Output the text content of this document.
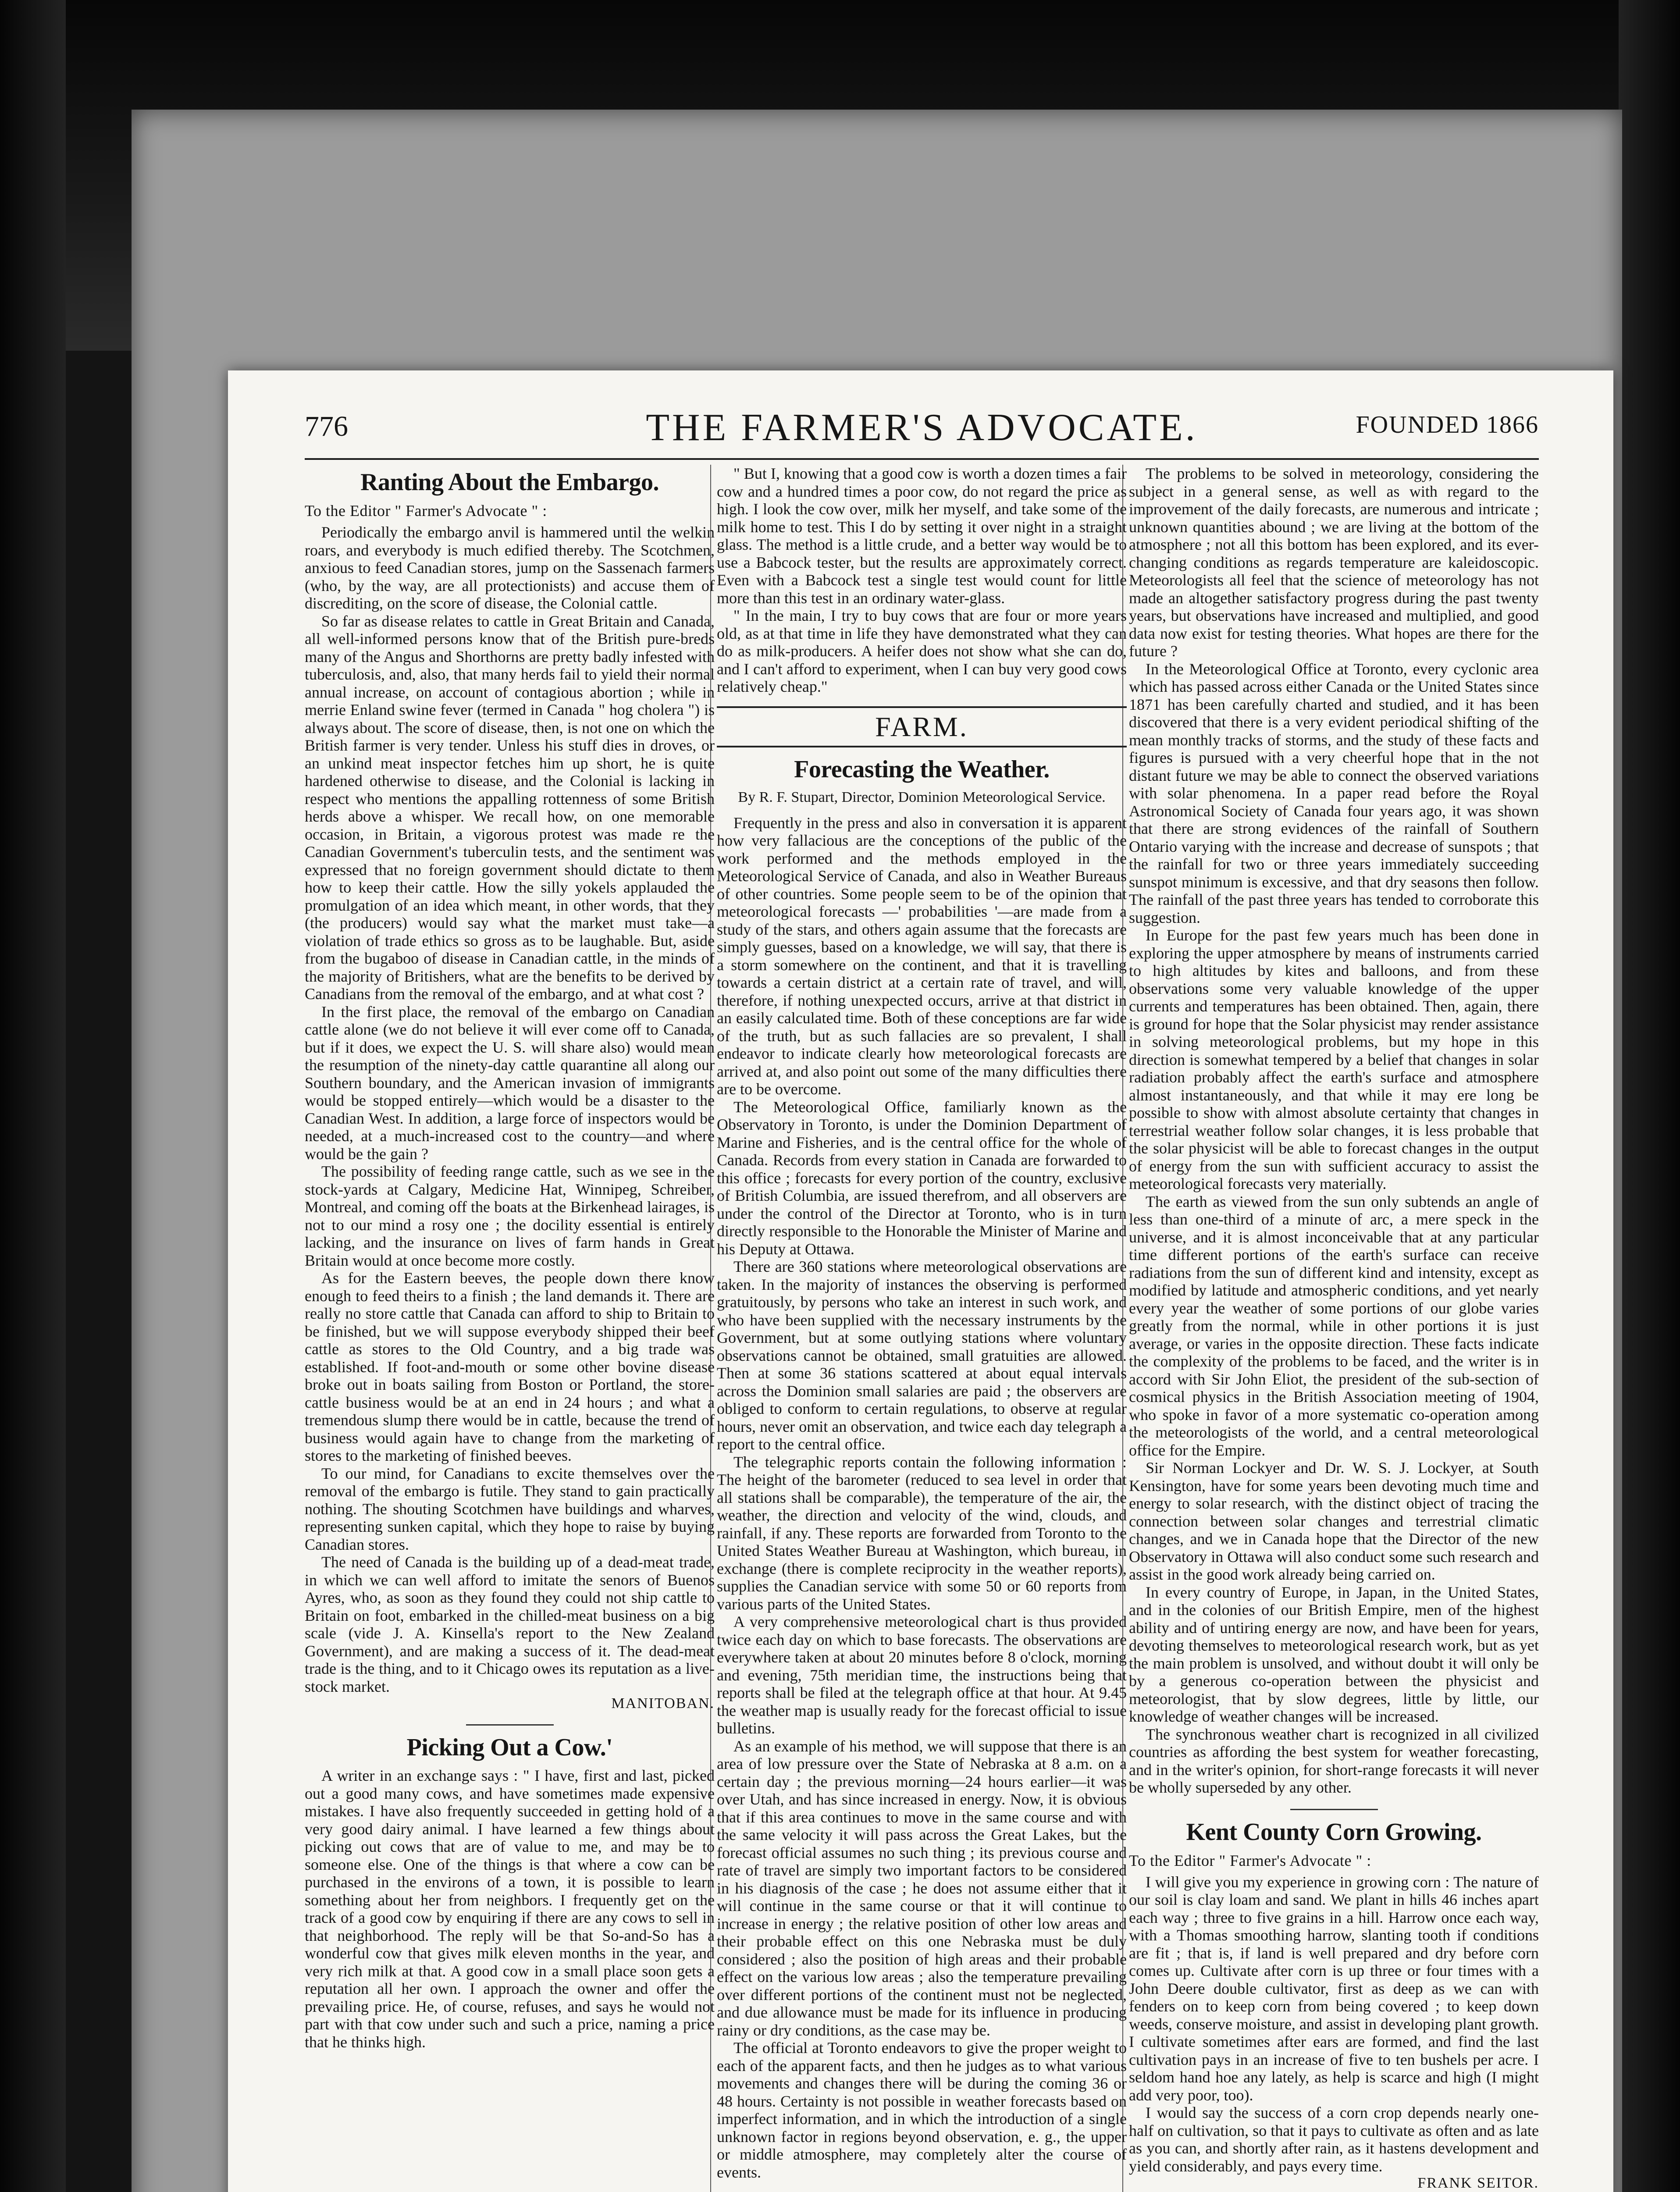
776	THE FARMER'S ADVOCATE.	FOUNDED 1866
Ranting About the Embargo.
To the Editor " Farmer's Advocate " :

Periodically the embargo anvil is hammered until the welkin roars, and everybody is much edified thereby. The Scotchmen, anxious to feed Canadian stores, jump on the Sassenach farmers (who, by the way, are all protectionists) and accuse them of discrediting, on the score of disease, the Colonial cattle.

So far as disease relates to cattle in Great Britain and Canada, all well-informed persons know that of the British pure-breds many of the Angus and Shorthorns are pretty badly infested with tuberculosis, and, also, that many herds fail to yield their normal annual increase, on account of contagious abortion ; while in merrie Enland swine fever (termed in Canada " hog cholera ") is always about. The score of disease, then, is not one on which the British farmer is very tender. Unless his stuff dies in droves, or an unkind meat inspector fetches him up short, he is quite hardened otherwise to disease, and the Colonial is lacking in respect who mentions the appalling rottenness of some British herds above a whisper. We recall how, on one memorable occasion, in Britain, a vigorous protest was made re the Canadian Government's tuberculin tests, and the sentiment was expressed that no foreign government should dictate to them how to keep their cattle. How the silly yokels applauded the promulgation of an idea which meant, in other words, that they (the producers) would say what the market must take—a violation of trade ethics so gross as to be laughable. But, aside from the bugaboo of disease in Canadian cattle, in the minds of the majority of Britishers, what are the benefits to be derived by Canadians from the removal of the embargo, and at what cost ?

In the first place, the removal of the embargo on Canadian cattle alone (we do not believe it will ever come off to Canada, but if it does, we expect the U. S. will share also) would mean the resumption of the ninety-day cattle quarantine all along our Southern boundary, and the American invasion of immigrants would be stopped entirely—which would be a disaster to the Canadian West. In addition, a large force of inspectors would be needed, at a much-increased cost to the country—and where would be the gain ?

The possibility of feeding range cattle, such as we see in the stock-yards at Calgary, Medicine Hat, Winnipeg, Schreiber, Montreal, and coming off the boats at the Birkenhead lairages, is not to our mind a rosy one ; the docility essential is entirely lacking, and the insurance on lives of farm hands in Great Britain would at once become more costly.

As for the Eastern beeves, the people down there know enough to feed theirs to a finish ; the land demands it. There are really no store cattle that Canada can afford to ship to Britain to be finished, but we will suppose everybody shipped their beef cattle as stores to the Old Country, and a big trade was established. If foot-and-mouth or some other bovine disease broke out in boats sailing from Boston or Portland, the store-cattle business would be at an end in 24 hours ; and what a tremendous slump there would be in cattle, because the trend of business would again have to change from the marketing of stores to the marketing of finished beeves.

To our mind, for Canadians to excite themselves over the removal of the embargo is futile. They stand to gain practically nothing. The shouting Scotchmen have buildings and wharves, representing sunken capital, which they hope to raise by buying Canadian stores.

The need of Canada is the building up of a dead-meat trade, in which we can well afford to imitate the senors of Buenos Ayres, who, as soon as they found they could not ship cattle to Britain on foot, embarked in the chilled-meat business on a big scale (vide J. A. Kinsella's report to the New Zealand Government), and are making a success of it. The dead-meat trade is the thing, and to it Chicago owes its reputation as a live-stock market.

MANITOBAN.
Picking Out a Cow.'

A writer in an exchange says : " I have, first and last, picked out a good many cows, and have sometimes made expensive mistakes. I have also frequently succeeded in getting hold of a very good dairy animal. I have learned a few things about picking out cows that are of value to me, and may be to someone else. One of the things is that where a cow can be purchased in the environs of a town, it is possible to learn something about her from neighbors. I frequently get on the track of a good cow by enquiring if there are any cows to sell in that neighborhood. The reply will be that So-and-So has a wonderful cow that gives milk eleven months in the year, and very rich milk at that. A good cow in a small place soon gets a reputation all her own. I approach the owner and offer the prevailing price. He, of course, refuses, and says he would not part with that cow under such and such a price, naming a price that he thinks high.

" But I, knowing that a good cow is worth a dozen times a fair cow and a hundred times a poor cow, do not regard the price as high. I look the cow over, milk her myself, and take some of the milk home to test. This I do by setting it over night in a straight glass. The method is a little crude, and a better way would be to use a Babcock tester, but the results are approximately correct. Even with a Babcock test a single test would count for little more than this test in an ordinary water-glass.

" In the main, I try to buy cows that are four or more years old, as at that time in life they have demonstrated what they can do as milk-producers. A heifer does not show what she can do, and I can't afford to experiment, when I can buy very good cows relatively cheap."

FARM.
Forecasting the Weather.
By R. F. Stupart, Director, Dominion Meteorological Service.

Frequently in the press and also in conversation it is apparent how very fallacious are the conceptions of the public of the work performed and the methods employed in the Meteorological Service of Canada, and also in Weather Bureaus of other countries. Some people seem to be of the opinion that meteorological forecasts —' probabilities '—are made from a study of the stars, and others again assume that the forecasts are simply guesses, based on a knowledge, we will say, that there is a storm somewhere on the continent, and that it is travelling towards a certain district at a certain rate of travel, and will, therefore, if nothing unexpected occurs, arrive at that district in an easily calculated time. Both of these conceptions are far wide of the truth, but as such fallacies are so prevalent, I shall endeavor to indicate clearly how meteorological forecasts are arrived at, and also point out some of the many difficulties there are to be overcome.

The Meteorological Office, familiarly known as the Observatory in Toronto, is under the Dominion Department of Marine and Fisheries, and is the central office for the whole of Canada. Records from every station in Canada are forwarded to this office ; forecasts for every portion of the country, exclusive of British Columbia, are issued therefrom, and all observers are under the control of the Director at Toronto, who is in turn directly responsible to the Honorable the Minister of Marine and his Deputy at Ottawa.

There are 360 stations where meteorological observations are taken. In the majority of instances the observing is performed gratuitously, by persons who take an interest in such work, and who have been supplied with the necessary instruments by the Government, but at some outlying stations where voluntary observations cannot be obtained, small gratuities are allowed. Then at some 36 stations scattered at about equal intervals across the Dominion small salaries are paid ; the observers are obliged to conform to certain regulations, to observe at regular hours, never omit an observation, and twice each day telegraph a report to the central office.

The telegraphic reports contain the following information : The height of the barometer (reduced to sea level in order that all stations shall be comparable), the temperature of the air, the weather, the direction and velocity of the wind, clouds, and rainfall, if any. These reports are forwarded from Toronto to the United States Weather Bureau at Washington, which bureau, in exchange (there is complete reciprocity in the weather reports), supplies the Canadian service with some 50 or 60 reports from various parts of the United States.

A very comprehensive meteorological chart is thus provided twice each day on which to base forecasts. The observations are everywhere taken at about 20 minutes before 8 o'clock, morning and evening, 75th meridian time, the instructions being that reports shall be filed at the telegraph office at that hour. At 9.45 the weather map is usually ready for the forecast official to issue bulletins.

As an example of his method, we will suppose that there is an area of low pressure over the State of Nebraska at 8 a.m. on a certain day ; the previous morning—24 hours earlier—it was over Utah, and has since increased in energy. Now, it is obvious that if this area continues to move in the same course and with the same velocity it will pass across the Great Lakes, but the forecast official assumes no such thing ; its previous course and rate of travel are simply two important factors to be considered in his diagnosis of the case ; he does not assume either that it will continue in the same course or that it will continue to increase in energy ; the relative position of other low areas and their probable effect on this one Nebraska must be duly considered ; also the position of high areas and their probable effect on the various low areas ; also the temperature prevailing over different portions of the continent must not be neglected, and due allowance must be made for its influence in producing rainy or dry conditions, as the case may be.

The official at Toronto endeavors to give the proper weight to each of the apparent facts, and then he judges as to what various movements and changes there will be during the coming 36 or 48 hours. Certainty is not possible in weather forecasts based on imperfect information, and in which the introduction of a single unknown factor in regions beyond observation, e. g., the upper or middle atmosphere, may completely alter the course of events.

The problems to be solved in meteorology, considering the subject in a general sense, as well as with regard to the improvement of the daily forecasts, are numerous and intricate ; unknown quantities abound ; we are living at the bottom of the atmosphere ; not all this bottom has been explored, and its ever-changing conditions as regards temperature are kaleidoscopic. Meteorologists all feel that the science of meteorology has not made an altogether satisfactory progress during the past twenty years, but observations have increased and multiplied, and good data now exist for testing theories. What hopes are there for the future ?

In the Meteorological Office at Toronto, every cyclonic area which has passed across either Canada or the United States since 1871 has been carefully charted and studied, and it has been discovered that there is a very evident periodical shifting of the mean monthly tracks of storms, and the study of these facts and figures is pursued with a very cheerful hope that in the not distant future we may be able to connect the observed variations with solar phenomena. In a paper read before the Royal Astronomical Society of Canada four years ago, it was shown that there are strong evidences of the rainfall of Southern Ontario varying with the increase and decrease of sunspots ; that the rainfall for two or three years immediately succeeding sunspot minimum is excessive, and that dry seasons then follow. The rainfall of the past three years has tended to corroborate this suggestion.

In Europe for the past few years much has been done in exploring the upper atmosphere by means of instruments carried to high altitudes by kites and balloons, and from these observations some very valuable knowledge of the upper currents and temperatures has been obtained. Then, again, there is ground for hope that the Solar physicist may render assistance in solving meteorological problems, but my hope in this direction is somewhat tempered by a belief that changes in solar radiation probably affect the earth's surface and atmosphere almost instantaneously, and that while it may ere long be possible to show with almost absolute certainty that changes in terrestrial weather follow solar changes, it is less probable that the solar physicist will be able to forecast changes in the output of energy from the sun with sufficient accuracy to assist the meteorological forecasts very materially.

The earth as viewed from the sun only subtends an angle of less than one-third of a minute of arc, a mere speck in the universe, and it is almost inconceivable that at any particular time different portions of the earth's surface can receive radiations from the sun of different kind and intensity, except as modified by latitude and atmospheric conditions, and yet nearly every year the weather of some portions of our globe varies greatly from the normal, while in other portions it is just average, or varies in the opposite direction. These facts indicate the complexity of the problems to be faced, and the writer is in accord with Sir John Eliot, the president of the sub-section of cosmical physics in the British Association meeting of 1904, who spoke in favor of a more systematic co-operation among the meteorologists of the world, and a central meteorological office for the Empire.

Sir Norman Lockyer and Dr. W. S. J. Lockyer, at South Kensington, have for some years been devoting much time and energy to solar research, with the distinct object of tracing the connection between solar changes and terrestrial climatic changes, and we in Canada hope that the Director of the new Observatory in Ottawa will also conduct some such research and assist in the good work already being carried on.

In every country of Europe, in Japan, in the United States, and in the colonies of our British Empire, men of the highest ability and of untiring energy are now, and have been for years, devoting themselves to meteorological research work, but as yet the main problem is unsolved, and without doubt it will only be by a generous co-operation between the physicist and meteorologist, that by slow degrees, little by little, our knowledge of weather changes will be increased.

The synchronous weather chart is recognized in all civilized countries as affording the best system for weather forecasting, and in the writer's opinion, for short-range forecasts it will never be wholly superseded by any other.

Kent County Corn Growing.
To the Editor " Farmer's Advocate " :

I will give you my experience in growing corn : The nature of our soil is clay loam and sand. We plant in hills 46 inches apart each way ; three to five grains in a hill. Harrow once each way, with a Thomas smoothing harrow, slanting tooth if conditions are fit ; that is, if land is well prepared and dry before corn comes up. Cultivate after corn is up three or four times with a John Deere double cultivator, first as deep as we can with fenders on to keep corn from being covered ; to keep down weeds, conserve moisture, and assist in developing plant growth. I cultivate sometimes after ears are formed, and find the last cultivation pays in an increase of five to ten bushels per acre. I seldom hand hoe any lately, as help is scarce and high (I might add very poor, too).

I would say the success of a corn crop depends nearly one-half on cultivation, so that it pays to cultivate as often and as late as you can, and shortly after rain, as it hastens development and yield considerably, and pays every time.

FRANK SEITOR.
